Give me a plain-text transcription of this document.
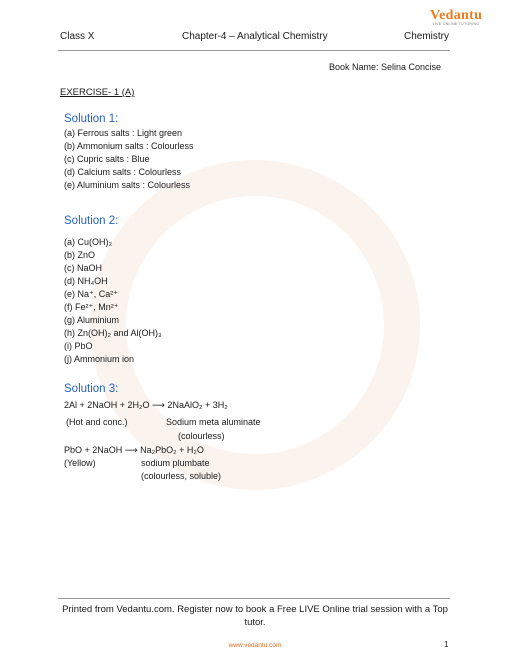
Vedantu
LIVE ONLINE TUTORING
Class X	Chapter-4 – Analytical Chemistry	Chemistry
Book Name: Selina Concise
EXERCISE- 1 (A)
Solution 1:
(a) Ferrous salts : Light green
(b) Ammonium salts : Colourless
(c) Cupric salts : Blue
(d) Calcium salts : Colourless
(e) Aluminium salts : Colourless
Solution 2:
(a) Cu(OH)₂
(b) ZnO
(c) NaOH
(d) NH₄OH
(e) Na⁺, Ca²⁺
(f) Fe²⁺, Mn²⁺
(g) Aluminium
(h) Zn(OH)₂ and Al(OH)₃
(i) PbO
(j) Ammonium ion
Solution 3:
2Al + 2NaOH + 2H₂O ⟶ 2NaAlO₂ + 3H₂
(Hot and conc.)	Sodium meta aluminate
(colourless)
PbO + 2NaOH ⟶ Na₂PbO₂ + H₂O
(Yellow)	sodium plumbate
(colourless, soluble)
Printed from Vedantu.com. Register now to book a Free LIVE Online trial session with a Top tutor.
1
www.vedantu.com
